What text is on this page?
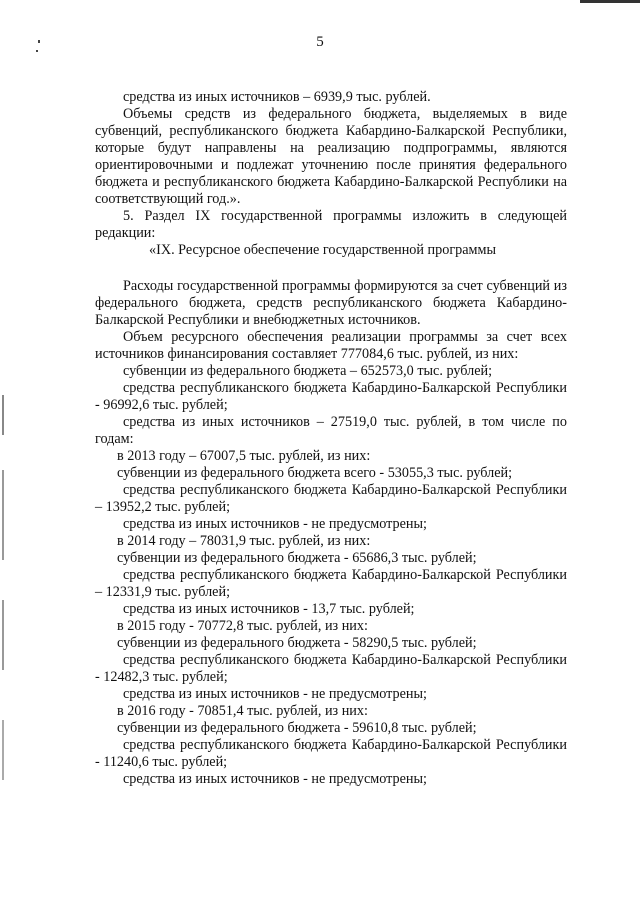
5

средства из иных источников – 6939,9 тыс. рублей.

Объемы средств из федерального бюджета, выделяемых в виде субвенций, республиканского бюджета Кабардино-Балкарской Республики, которые будут направлены на реализацию подпрограммы, являются ориентировочными и подлежат уточнению после принятия федерального бюджета и республиканского бюджета Кабардино-Балкарской Республики на соответствующий год.».

5. Раздел IX государственной программы изложить в следующей редакции:

«IX. Ресурсное обеспечение государственной программы

Расходы государственной программы формируются за счет субвенций из федерального бюджета, средств республиканского бюджета Кабардино-Балкарской Республики и внебюджетных источников.

Объем ресурсного обеспечения реализации программы за счет всех источников финансирования составляет 777084,6 тыс. рублей, из них:

субвенции из федерального бюджета – 652573,0 тыс. рублей;

средства республиканского бюджета Кабардино-Балкарской Республики - 96992,6 тыс. рублей;

средства из иных источников – 27519,0 тыс. рублей, в том числе по годам:

в 2013 году – 67007,5 тыс. рублей, из них:

субвенции из федерального бюджета всего - 53055,3 тыс. рублей;

средства республиканского бюджета Кабардино-Балкарской Республики – 13952,2 тыс. рублей;

средства из иных источников - не предусмотрены;

в 2014 году – 78031,9 тыс. рублей, из них:

субвенции из федерального бюджета - 65686,3 тыс. рублей;

средства республиканского бюджета Кабардино-Балкарской Республики – 12331,9 тыс. рублей;

средства из иных источников - 13,7 тыс. рублей;

в 2015 году - 70772,8 тыс. рублей, из них:

субвенции из федерального бюджета - 58290,5 тыс. рублей;

средства республиканского бюджета Кабардино-Балкарской Республики - 12482,3 тыс. рублей;

средства из иных источников - не предусмотрены;

в 2016 году - 70851,4 тыс. рублей, из них:

субвенции из федерального бюджета - 59610,8 тыс. рублей;

средства республиканского бюджета Кабардино-Балкарской Республики - 11240,6 тыс. рублей;

средства из иных источников - не предусмотрены;
